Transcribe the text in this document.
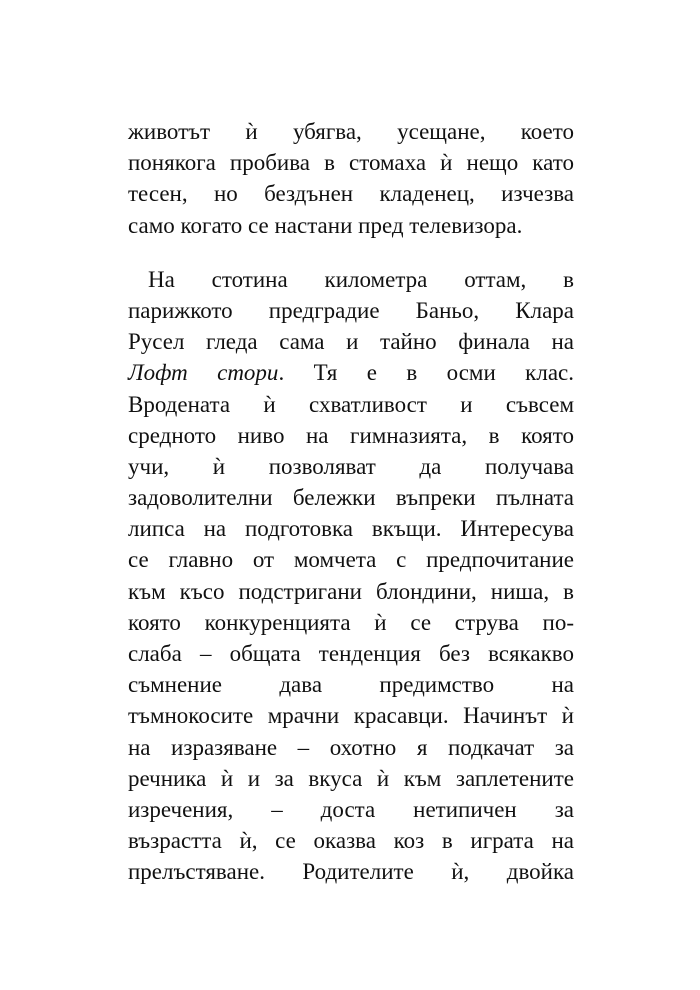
животът ѝ убягва, усещане, което
понякога пробива в стомаха ѝ нещо като
тесен, но бездънен кладенец, изчезва
само когато се настани пред телевизора.
На стотина километра оттам, в
парижкото предградие Баньо, Клара
Русел гледа сама и тайно финала на
Лофт стори. Тя е в осми клас.
Вродената ѝ схватливост и съвсем
средното ниво на гимназията, в която
учи, ѝ позволяват да получава
задоволителни бележки въпреки пълната
липса на подготовка вкъщи. Интересува
се главно от момчета с предпочитание
към късо подстригани блондини, ниша, в
която конкуренцията ѝ се струва по-
слаба – общата тенденция без всякакво
съмнение дава предимство на
тъмнокосите мрачни красавци. Начинът ѝ
на изразяване – охотно я подкачат за
речника ѝ и за вкуса ѝ към заплетените
изречения, – доста нетипичен за
възрастта ѝ, се оказва коз в играта на
прелъстяване. Родителите ѝ, двойка
